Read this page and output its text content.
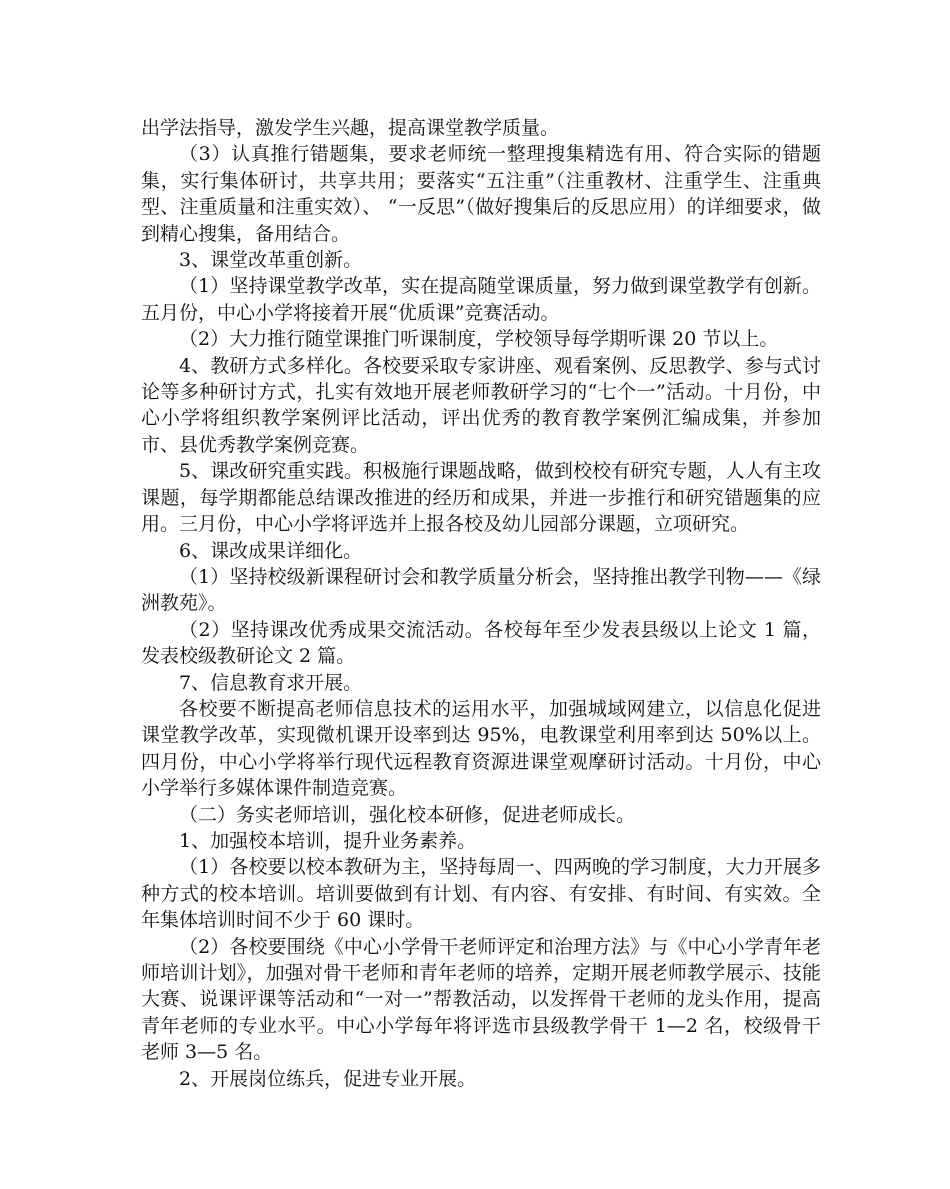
出学法指导，激发学生兴趣，提高课堂教学质量。

（3）认真推行错题集，要求老师统一整理搜集精选有用、符合实际的错题集，实行集体研讨，共享共用；要落实“五注重”（注重教材、注重学生、注重典型、注重质量和注重实效）、 “一反思”（做好搜集后的反思应用）的详细要求，做到精心搜集，备用结合。

3、课堂改革重创新。

（1）坚持课堂教学改革，实在提高随堂课质量，努力做到课堂教学有创新。五月份，中心小学将接着开展“优质课”竞赛活动。

（2）大力推行随堂课推门听课制度，学校领导每学期听课 20 节以上。

4、教研方式多样化。各校要采取专家讲座、观看案例、反思教学、参与式讨论等多种研讨方式，扎实有效地开展老师教研学习的“七个一”活动。十月份，中心小学将组织教学案例评比活动，评出优秀的教育教学案例汇编成集，并参加市、县优秀教学案例竞赛。

5、课改研究重实践。积极施行课题战略，做到校校有研究专题，人人有主攻课题，每学期都能总结课改推进的经历和成果，并进一步推行和研究错题集的应用。三月份，中心小学将评选并上报各校及幼儿园部分课题，立项研究。

6、课改成果详细化。

（1）坚持校级新课程研讨会和教学质量分析会，坚持推出教学刊物——《绿洲教苑》。

（2）坚持课改优秀成果交流活动。各校每年至少发表县级以上论文 1 篇，发表校级教研论文 2 篇。

7、信息教育求开展。

各校要不断提高老师信息技术的运用水平，加强城域网建立，以信息化促进课堂教学改革，实现微机课开设率到达 95%，电教课堂利用率到达 50%以上。四月份，中心小学将举行现代远程教育资源进课堂观摩研讨活动。十月份，中心小学举行多媒体课件制造竞赛。

（二）务实老师培训，强化校本研修，促进老师成长。

1、加强校本培训，提升业务素养。

（1）各校要以校本教研为主，坚持每周一、四两晚的学习制度，大力开展多种方式的校本培训。培训要做到有计划、有内容、有安排、有时间、有实效。全年集体培训时间不少于 60 课时。

（2）各校要围绕《中心小学骨干老师评定和治理方法》与《中心小学青年老师培训计划》，加强对骨干老师和青年老师的培养，定期开展老师教学展示、技能大赛、说课评课等活动和“一对一”帮教活动，以发挥骨干老师的龙头作用，提高青年老师的专业水平。中心小学每年将评选市县级教学骨干 1—2 名，校级骨干老师 3—5 名。

2、开展岗位练兵，促进专业开展。
